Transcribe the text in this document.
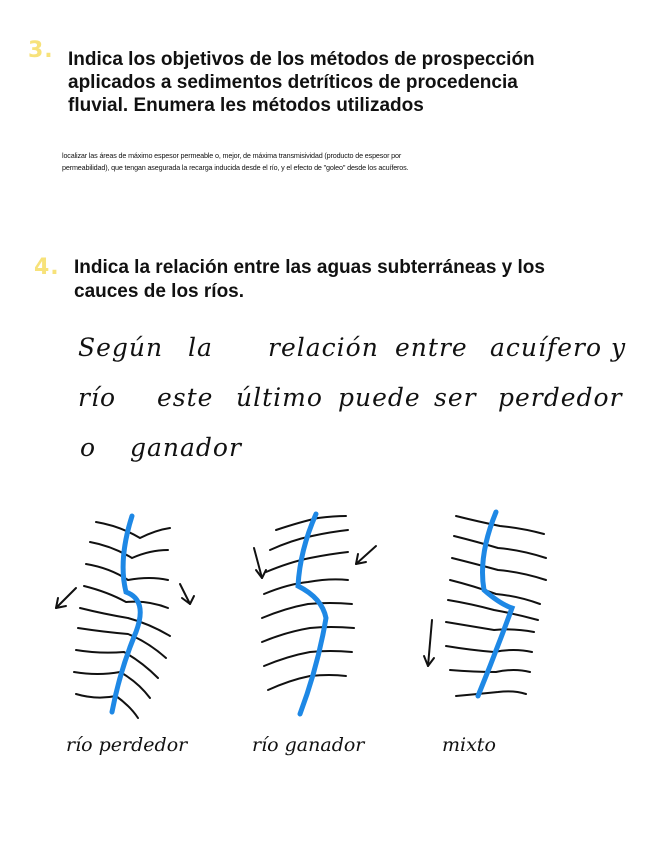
3. Indica los objetivos de los métodos de prospección

aplicados a sedimentos detríticos de procedencia

fluvial. Enumera les métodos utilizados

localizar las áreas de máximo espesor permeable o, mejor, de máxima transmisividad (producto de espesor por
permeabilidad), que tengan asegurada la recarga inducida desde el río, y el efecto de "goleo" desde los acuíferos.
4. Indica la relación entre las aguas subterráneas y los

cauces de los ríos.

Según la relación entre acuífero y
río este último puede ser perdedor
o ganador
río perdedor	río ganador	mixto
